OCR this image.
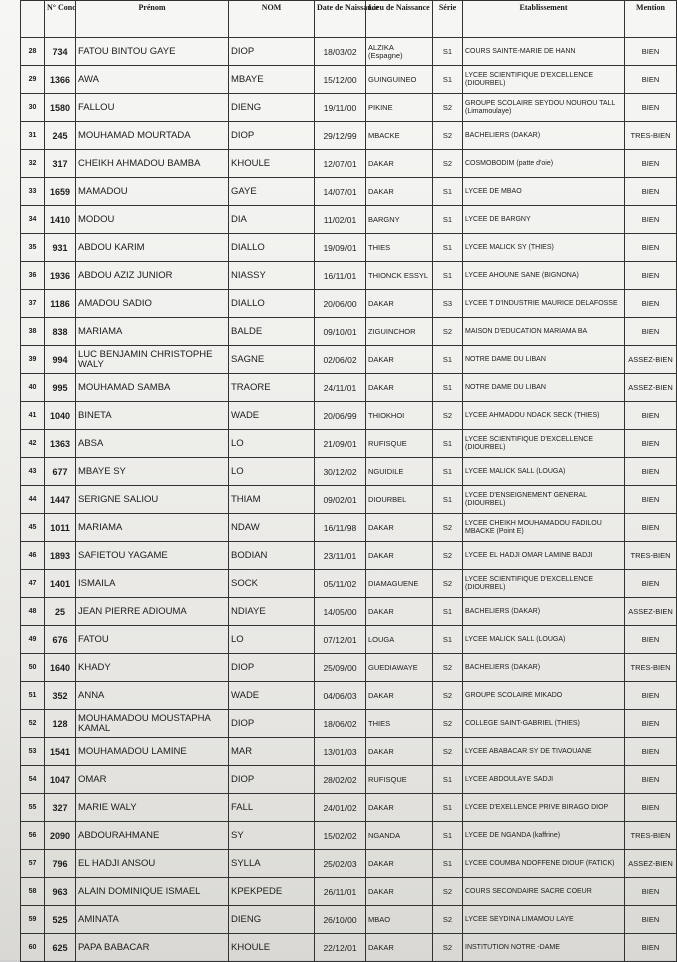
	N° Conc	Prénom	NOM	Date de Naissance	Lieu de Naissance	Série	Etablissement	Mention
28	734	FATOU BINTOU GAYE	DIOP	18/03/02	ALZIKA (Espagne)	S1	COURS SAINTE-MARIE DE HANN	BIEN
29	1366	AWA	MBAYE	15/12/00	GUINGUINEO	S1	LYCEE SCIENTIFIQUE D'EXCELLENCE (DIOURBEL)	BIEN
30	1580	FALLOU	DIENG	19/11/00	PIKINE	S2	GROUPE SCOLAIRE SEYDOU NOUROU TALL (Limamoulaye)	BIEN
31	245	MOUHAMAD MOURTADA	DIOP	29/12/99	MBACKE	S2	BACHELIERS (DAKAR)	TRES-BIEN
32	317	CHEIKH AHMADOU BAMBA	KHOULE	12/07/01	DAKAR	S2	COSMOBODIM (patte d'oie)	BIEN
33	1659	MAMADOU	GAYE	14/07/01	DAKAR	S1	LYCEE DE MBAO	BIEN
34	1410	MODOU	DIA	11/02/01	BARGNY	S1	LYCEE DE BARGNY	BIEN
35	931	ABDOU KARIM	DIALLO	19/09/01	THIES	S1	LYCEE MALICK SY (THIES)	BIEN
36	1936	ABDOU AZIZ JUNIOR	NIASSY	16/11/01	THIONCK ESSYL	S1	LYCEE AHOUNE SANE (BIGNONA)	BIEN
37	1186	AMADOU SADIO	DIALLO	20/06/00	DAKAR	S3	LYCEE T D'INDUSTRIE MAURICE DELAFOSSE	BIEN
38	838	MARIAMA	BALDE	09/10/01	ZIGUINCHOR	S2	MAISON D'EDUCATION MARIAMA BA	BIEN
39	994	LUC BENJAMIN CHRISTOPHE WALY	SAGNE	02/06/02	DAKAR	S1	NOTRE DAME DU LIBAN	ASSEZ-BIEN
40	995	MOUHAMAD SAMBA	TRAORE	24/11/01	DAKAR	S1	NOTRE DAME DU LIBAN	ASSEZ-BIEN
41	1040	BINETA	WADE	20/06/99	THIOKHOI	S2	LYCEE AHMADOU NDACK SECK (THIES)	BIEN
42	1363	ABSA	LO	21/09/01	RUFISQUE	S1	LYCEE SCIENTIFIQUE D'EXCELLENCE (DIOURBEL)	BIEN
43	677	MBAYE SY	LO	30/12/02	NGUIDILE	S1	LYCEE MALICK SALL (LOUGA)	BIEN
44	1447	SERIGNE SALIOU	THIAM	09/02/01	DIOURBEL	S1	LYCEE D'ENSEIGNEMENT GENERAL (DIOURBEL)	BIEN
45	1011	MARIAMA	NDAW	16/11/98	DAKAR	S2	LYCEE CHEIKH MOUHAMADOU FADILOU MBACKE (Point E)	BIEN
46	1893	SAFIETOU YAGAME	BODIAN	23/11/01	DAKAR	S2	LYCEE EL HADJI OMAR LAMINE BADJI	TRES-BIEN
47	1401	ISMAILA	SOCK	05/11/02	DIAMAGUENE	S2	LYCEE SCIENTIFIQUE D'EXCELLENCE (DIOURBEL)	BIEN
48	25	JEAN PIERRE ADIOUMA	NDIAYE	14/05/00	DAKAR	S1	BACHELIERS (DAKAR)	ASSEZ-BIEN
49	676	FATOU	LO	07/12/01	LOUGA	S1	LYCEE MALICK SALL (LOUGA)	BIEN
50	1640	KHADY	DIOP	25/09/00	GUEDIAWAYE	S2	BACHELIERS (DAKAR)	TRES-BIEN
51	352	ANNA	WADE	04/06/03	DAKAR	S2	GROUPE SCOLAIRE MIKADO	BIEN
52	128	MOUHAMADOU MOUSTAPHA KAMAL	DIOP	18/06/02	THIES	S2	COLLEGE SAINT-GABRIEL (THIES)	BIEN
53	1541	MOUHAMADOU LAMINE	MAR	13/01/03	DAKAR	S2	LYCEE ABABACAR SY DE TIVAOUANE	BIEN
54	1047	OMAR	DIOP	28/02/02	RUFISQUE	S1	LYCEE ABDOULAYE SADJI	BIEN
55	327	MARIE WALY	FALL	24/01/02	DAKAR	S1	LYCEE D'EXELLENCE PRIVE BIRAGO DIOP	BIEN
56	2090	ABDOURAHMANE	SY	15/02/02	NGANDA	S1	LYCEE DE NGANDA (kaffrine)	TRES-BIEN
57	796	EL HADJI ANSOU	SYLLA	25/02/03	DAKAR	S1	LYCEE COUMBA NDOFFENE DIOUF (FATICK)	ASSEZ-BIEN
58	963	ALAIN DOMINIQUE ISMAEL	KPEKPEDE	26/11/01	DAKAR	S2	COURS SECONDAIRE SACRE COEUR	BIEN
59	525	AMINATA	DIENG	26/10/00	MBAO	S2	LYCEE SEYDINA LIMAMOU LAYE	BIEN
60	625	PAPA BABACAR	KHOULE	22/12/01	DAKAR	S2	INSTITUTION NOTRE -DAME	BIEN
